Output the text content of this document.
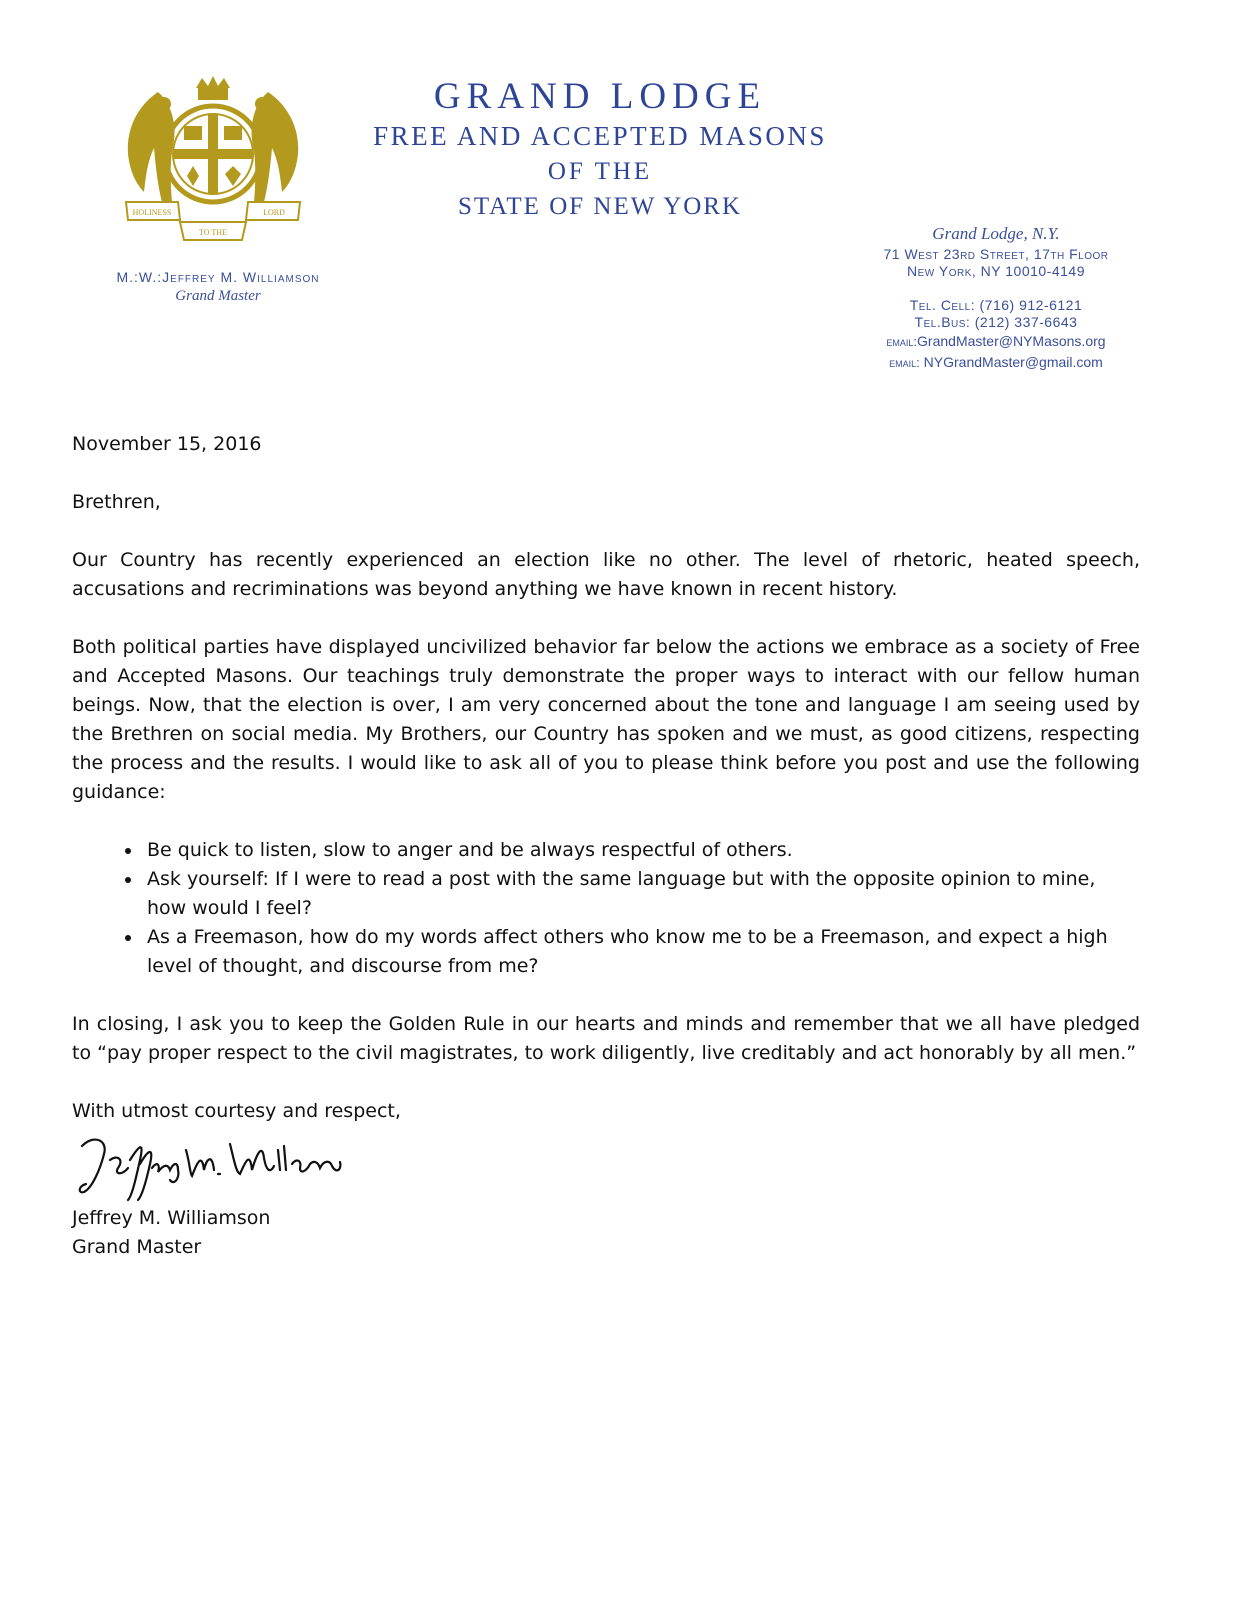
HOLINESS	LORD
TO THE
M.:W.:Jeffrey M. Williamson
Grand Master
GRAND LODGE
FREE AND ACCEPTED MASONS
OF THE
STATE OF NEW YORK
Grand Lodge, N.Y.
71 West 23rd Street, 17th Floor
New York, NY 10010-4149
Tel. Cell: (716) 912-6121
Tel.Bus: (212) 337-6643
email:GrandMaster@NYMasons.org
email: NYGrandMaster@gmail.com

November 15, 2016

Brethren,

Our Country has recently experienced an election like no other. The level of rhetoric, heated speech, accusations and recriminations was beyond anything we have known in recent history.

Both political parties have displayed uncivilized behavior far below the actions we embrace as a society of Free and Accepted Masons. Our teachings truly demonstrate the proper ways to interact with our fellow human beings. Now, that the election is over, I am very concerned about the tone and language I am seeing used by the Brethren on social media. My Brothers, our Country has spoken and we must, as good citizens, respecting the process and the results. I would like to ask all of you to please think before you post and use the following guidance:

• Be quick to listen, slow to anger and be always respectful of others.
• Ask yourself: If I were to read a post with the same language but with the opposite opinion to mine, how would I feel?
• As a Freemason, how do my words affect others who know me to be a Freemason, and expect a high level of thought, and discourse from me?

In closing, I ask you to keep the Golden Rule in our hearts and minds and remember that we all have pledged to “pay proper respect to the civil magistrates, to work diligently, live creditably and act honorably by all men.”

With utmost courtesy and respect,

Jeffrey M. Williamson

Grand Master
